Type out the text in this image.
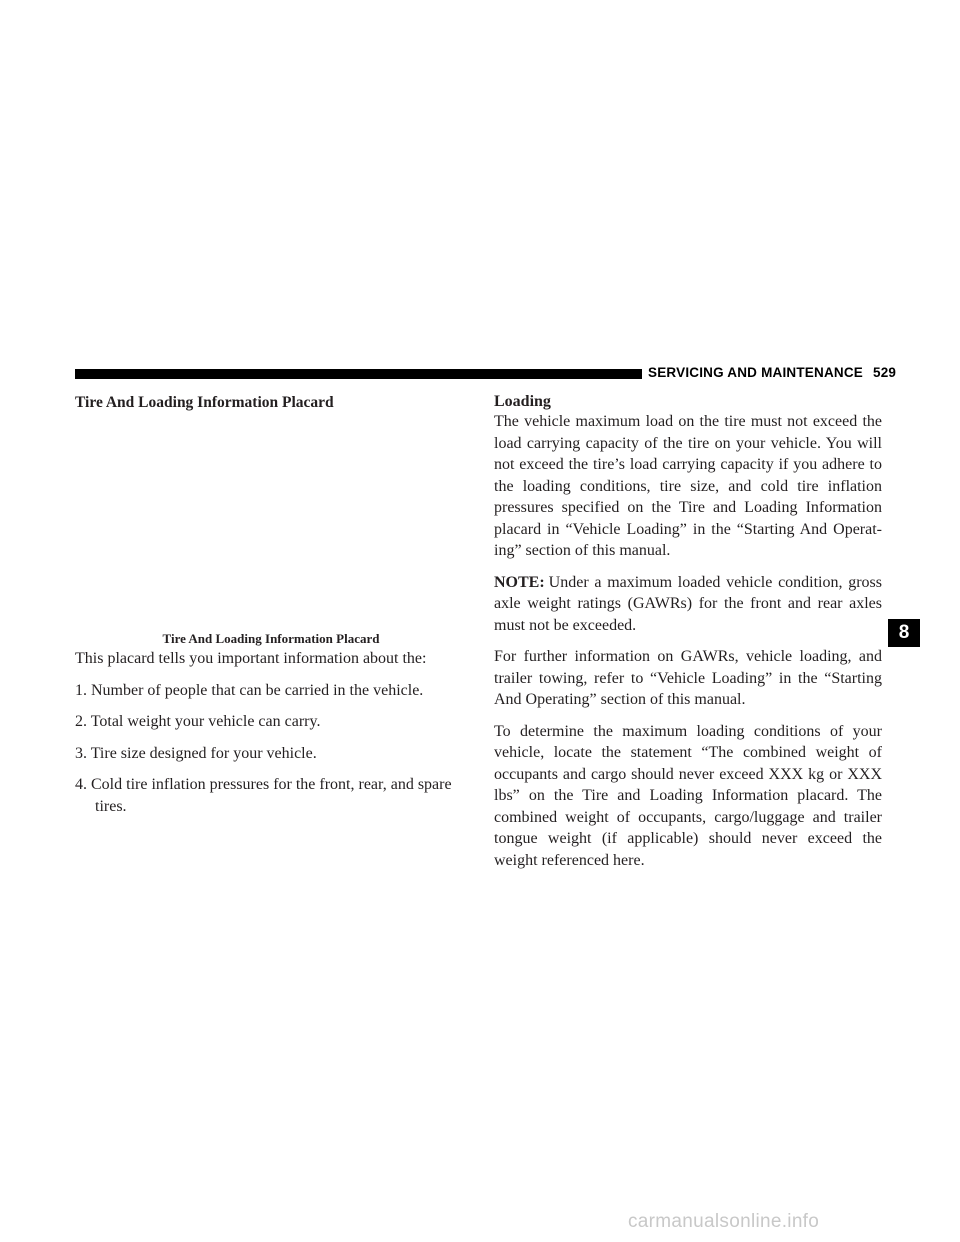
SERVICING AND MAINTENANCE 529
Tire And Loading Information Placard

Tire And Loading Information Placard

This placard tells you important information about the:

1. Number of people that can be carried in the vehicle.
2. Total weight your vehicle can carry.
3. Tire size designed for your vehicle.
4. Cold tire inflation pressures for the front, rear, and spare tires.
Loading

The vehicle maximum load on the tire must not exceed the load carrying capacity of the tire on your vehicle. You will not exceed the tire’s load carrying capacity if you adhere to the loading conditions, tire size, and cold tire inflation pressures specified on the Tire and Loading Information placard in “Vehicle Loading” in the “Starting And Operat-ing” section of this manual.

NOTE: Under a maximum loaded vehicle condition, gross axle weight ratings (GAWRs) for the front and rear axles must not be exceeded.

For further information on GAWRs, vehicle loading, and trailer towing, refer to “Vehicle Loading” in the “Starting And Operating” section of this manual.

To determine the maximum loading conditions of your vehicle, locate the statement “The combined weight of occupants and cargo should never exceed XXX kg or XXX lbs” on the Tire and Loading Information placard. The combined weight of occupants, cargo/luggage and trailer tongue weight (if applicable) should never exceed the weight referenced here.

8
carmanualsonline.info
